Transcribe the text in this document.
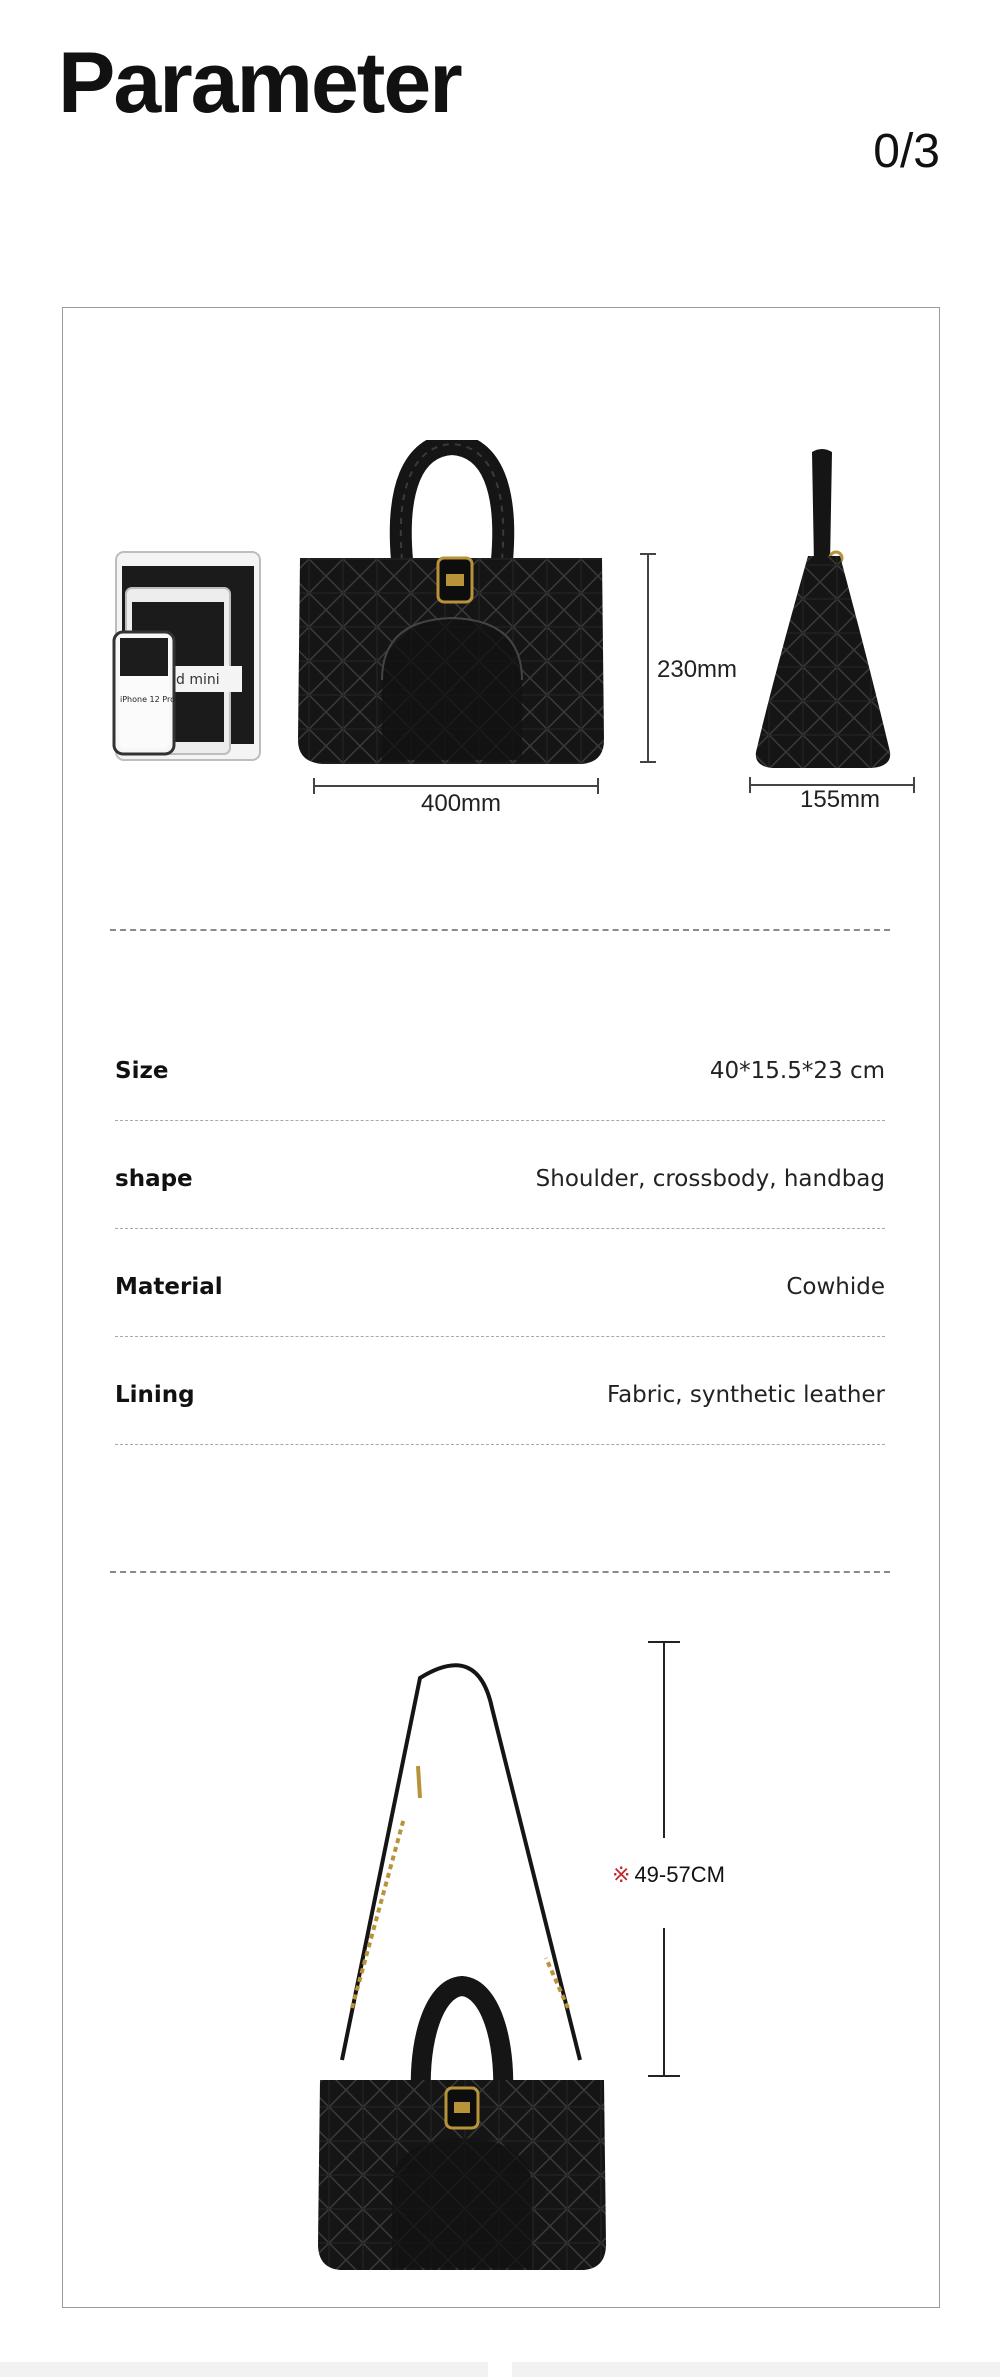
Parameter
0/3
d mini
iPhone 12 Pro
230mm
400mm	155mm
Size	40*15.5*23 cm
shape	Shoulder, crossbody, handbag
Material	Cowhide
Lining	Fabric, synthetic leather
※ 49-57CM
